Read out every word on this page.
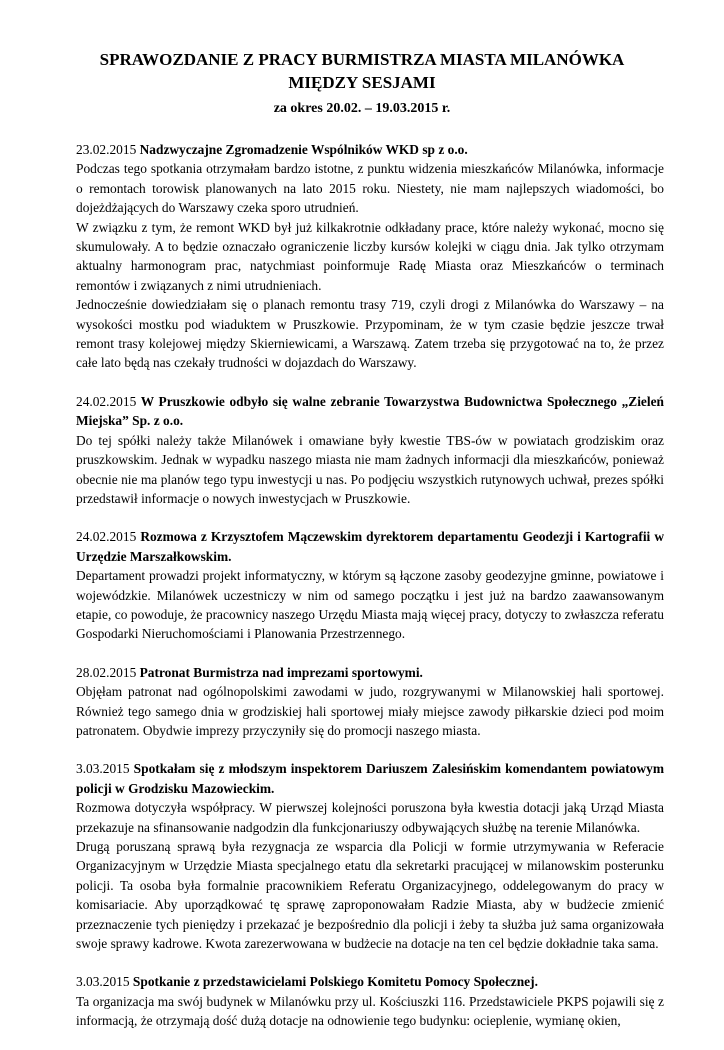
SPRAWOZDANIE Z PRACY BURMISTRZA MIASTA MILANÓWKA
MIĘDZY SESJAMI
za okres 20.02. – 19.03.2015 r.

23.02.2015 Nadzwyczajne Zgromadzenie Wspólników WKD sp z o.o.

Podczas tego spotkania otrzymałam bardzo istotne, z punktu widzenia mieszkańców Milanówka, informacje o remontach torowisk planowanych na lato 2015 roku. Niestety, nie mam najlepszych wiadomości, bo dojeżdżających do Warszawy czeka sporo utrudnień.

W związku z tym, że remont WKD był już kilkakrotnie odkładany prace, które należy wykonać, mocno się skumulowały. A to będzie oznaczało ograniczenie liczby kursów kolejki w ciągu dnia. Jak tylko otrzymam aktualny harmonogram prac, natychmiast poinformuje Radę Miasta oraz Mieszkańców o terminach remontów i związanych z nimi utrudnieniach.

Jednocześnie dowiedziałam się o planach remontu trasy 719, czyli drogi z Milanówka do Warszawy – na wysokości mostku pod wiaduktem w Pruszkowie. Przypominam, że w tym czasie będzie jeszcze trwał remont trasy kolejowej między Skierniewicami, a Warszawą. Zatem trzeba się przygotować na to, że przez całe lato będą nas czekały trudności w dojazdach do Warszawy.

24.02.2015 W Pruszkowie odbyło się walne zebranie Towarzystwa Budownictwa Społecznego „Zieleń Miejska” Sp. z o.o.

Do tej spółki należy także Milanówek i omawiane były kwestie TBS-ów w powiatach grodziskim oraz pruszkowskim. Jednak w wypadku naszego miasta nie mam żadnych informacji dla mieszkańców, ponieważ obecnie nie ma planów tego typu inwestycji u nas. Po podjęciu wszystkich rutynowych uchwał, prezes spółki przedstawił informacje o nowych inwestycjach w Pruszkowie.

24.02.2015 Rozmowa z Krzysztofem Mączewskim dyrektorem departamentu Geodezji i Kartografii w Urzędzie Marszałkowskim.

Departament prowadzi projekt informatyczny, w którym są łączone zasoby geodezyjne gminne, powiatowe i wojewódzkie. Milanówek uczestniczy w nim od samego początku i jest już na bardzo zaawansowanym etapie, co powoduje, że pracownicy naszego Urzędu Miasta mają więcej pracy, dotyczy to zwłaszcza referatu Gospodarki Nieruchomościami i Planowania Przestrzennego.

28.02.2015 Patronat Burmistrza nad imprezami sportowymi.

Objęłam patronat nad ogólnopolskimi zawodami w judo, rozgrywanymi w Milanowskiej hali sportowej. Również tego samego dnia w grodziskiej hali sportowej miały miejsce zawody piłkarskie dzieci pod moim patronatem. Obydwie imprezy przyczyniły się do promocji naszego miasta.

3.03.2015 Spotkałam się z młodszym inspektorem Dariuszem Zalesińskim komendantem powiatowym policji w Grodzisku Mazowieckim.

Rozmowa dotyczyła współpracy. W pierwszej kolejności poruszona była kwestia dotacji jaką Urząd Miasta przekazuje na sfinansowanie nadgodzin dla funkcjonariuszy odbywających służbę na terenie Milanówka.

Drugą poruszaną sprawą była rezygnacja ze wsparcia dla Policji w formie utrzymywania w Referacie Organizacyjnym w Urzędzie Miasta specjalnego etatu dla sekretarki pracującej w milanowskim posterunku policji. Ta osoba była formalnie pracownikiem Referatu Organizacyjnego, oddelegowanym do pracy w komisariacie. Aby uporządkować tę sprawę zaproponowałam Radzie Miasta, aby w budżecie zmienić przeznaczenie tych pieniędzy i przekazać je bezpośrednio dla policji i żeby ta służba już sama organizowała swoje sprawy kadrowe. Kwota zarezerwowana w budżecie na dotacje na ten cel będzie dokładnie taka sama.

3.03.2015 Spotkanie z przedstawicielami Polskiego Komitetu Pomocy Społecznej.

Ta organizacja ma swój budynek w Milanówku przy ul. Kościuszki 116. Przedstawiciele PKPS pojawili się z informacją, że otrzymają dość dużą dotacje na odnowienie tego budynku: ocieplenie, wymianę okien,
